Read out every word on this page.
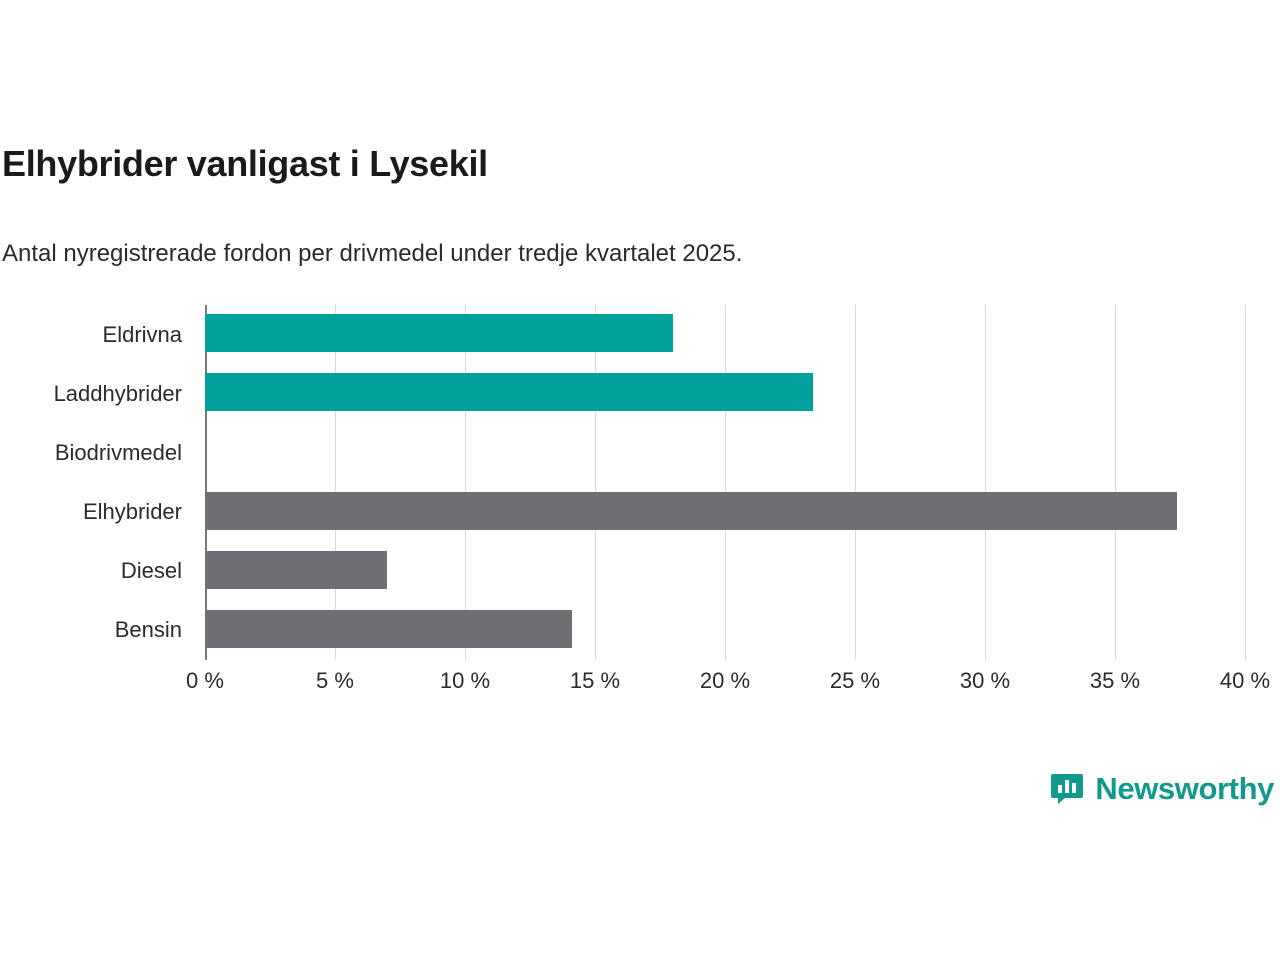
Elhybrider vanligast i Lysekil
Antal nyregistrerade fordon per drivmedel under tredje kvartalet 2025.
Eldrivna
Laddhybrider
Biodrivmedel
Elhybrider
Diesel
Bensin
0 %	5 %	10 %	15 %	20 %	25 %	30 %	35 %	40 %
Newsworthy
